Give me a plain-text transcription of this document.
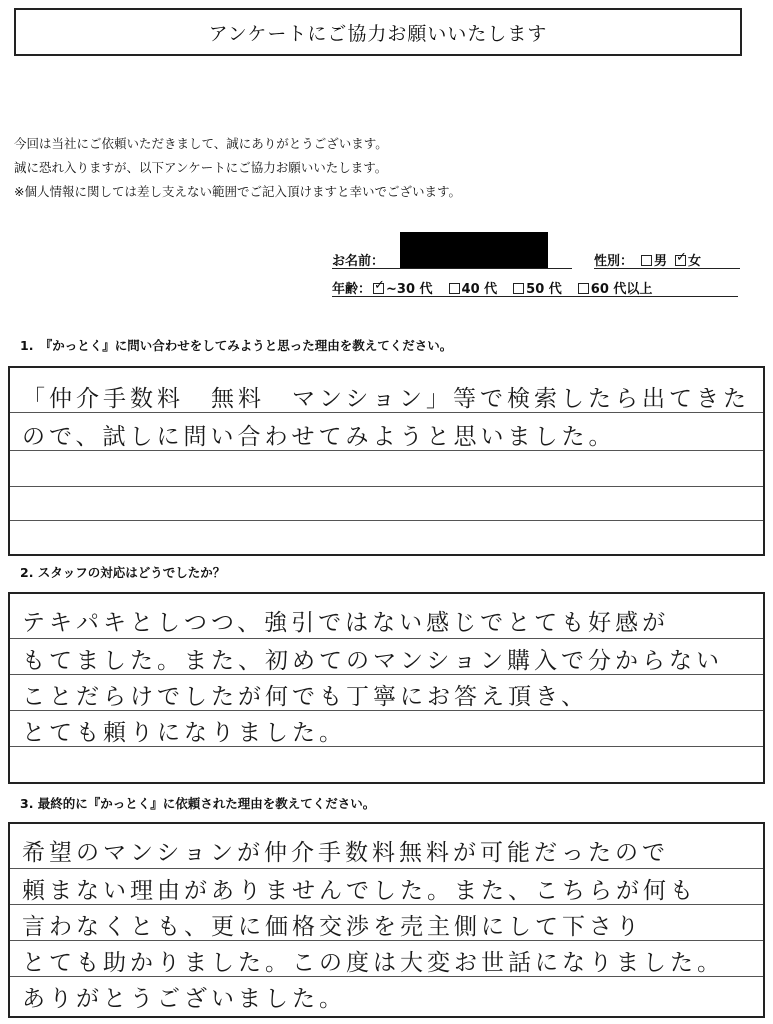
アンケートにご協力お願いいたします
今回は当社にご依頼いただきまして、誠にありがとうございます。
誠に恐れ入りますが、以下アンケートにご協力お願いいたします。
※個人情報に関しては差し支えない範囲でご記入頂けますと幸いでございます。
お名前：	性別： 男 ✓ 女
年齢： ✓ ~30 代 40 代 50 代 60 代以上
1.　『かっとく』に問い合わせをしてみようと思った理由を教えてください。
「仲介手数料　無料　マンション」等で検索したら出てきた
ので、試しに問い合わせてみようと思いました。
2. スタッフの対応はどうでしたか？
テキパキとしつつ、強引ではない感じでとても好感が
もてました。また、初めてのマンション購入で分からない
ことだらけでしたが何でも丁寧にお答え頂き、
とても頼りになりました。
3. 最終的に『かっとく』に依頼された理由を教えてください。
希望のマンションが仲介手数料無料が可能だったので
頼まない理由がありませんでした。また、こちらが何も
言わなくとも、更に価格交渉を売主側にして下さり
とても助かりました。この度は大変お世話になりました。
ありがとうございました。
